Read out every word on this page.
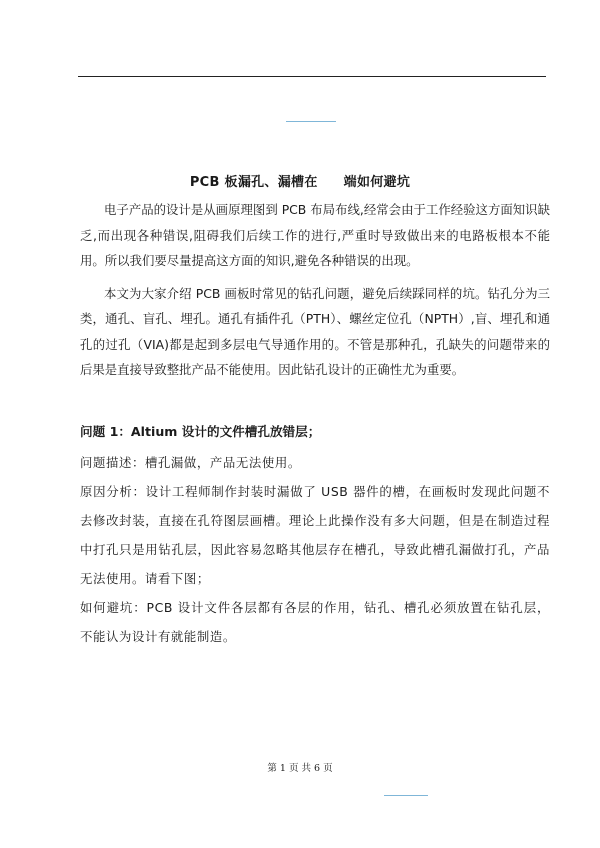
PCB 板漏孔、漏槽在 端如何避坑

电子产品的设计是从画原理图到 PCB 布局布线,经常会由于工作经验这方面知识缺乏,而出现各种错误,阻碍我们后续工作的进行,严重时导致做出来的电路板根本不能用。所以我们要尽量提高这方面的知识,避免各种错误的出现。

本文为大家介绍 PCB 画板时常见的钻孔问题，避免后续踩同样的坑。钻孔分为三类，通孔、盲孔、埋孔。通孔有插件孔（PTH）、螺丝定位孔（NPTH）,盲、埋孔和通孔的过孔（VIA)都是起到多层电气导通作用的。不管是那种孔，孔缺失的问题带来的后果是直接导致整批产品不能使用。因此钻孔设计的正确性尤为重要。

问题 1：Altium 设计的文件槽孔放错层；

问题描述：槽孔漏做，产品无法使用。

原因分析：设计工程师制作封装时漏做了 USB 器件的槽，在画板时发现此问题不去修改封装，直接在孔符图层画槽。理论上此操作没有多大问题，但是在制造过程中打孔只是用钻孔层，因此容易忽略其他层存在槽孔，导致此槽孔漏做打孔，产品无法使用。请看下图；

如何避坑：PCB 设计文件各层都有各层的作用，钻孔、槽孔必须放置在钻孔层，不能认为设计有就能制造。

第 1 页 共 6 页
